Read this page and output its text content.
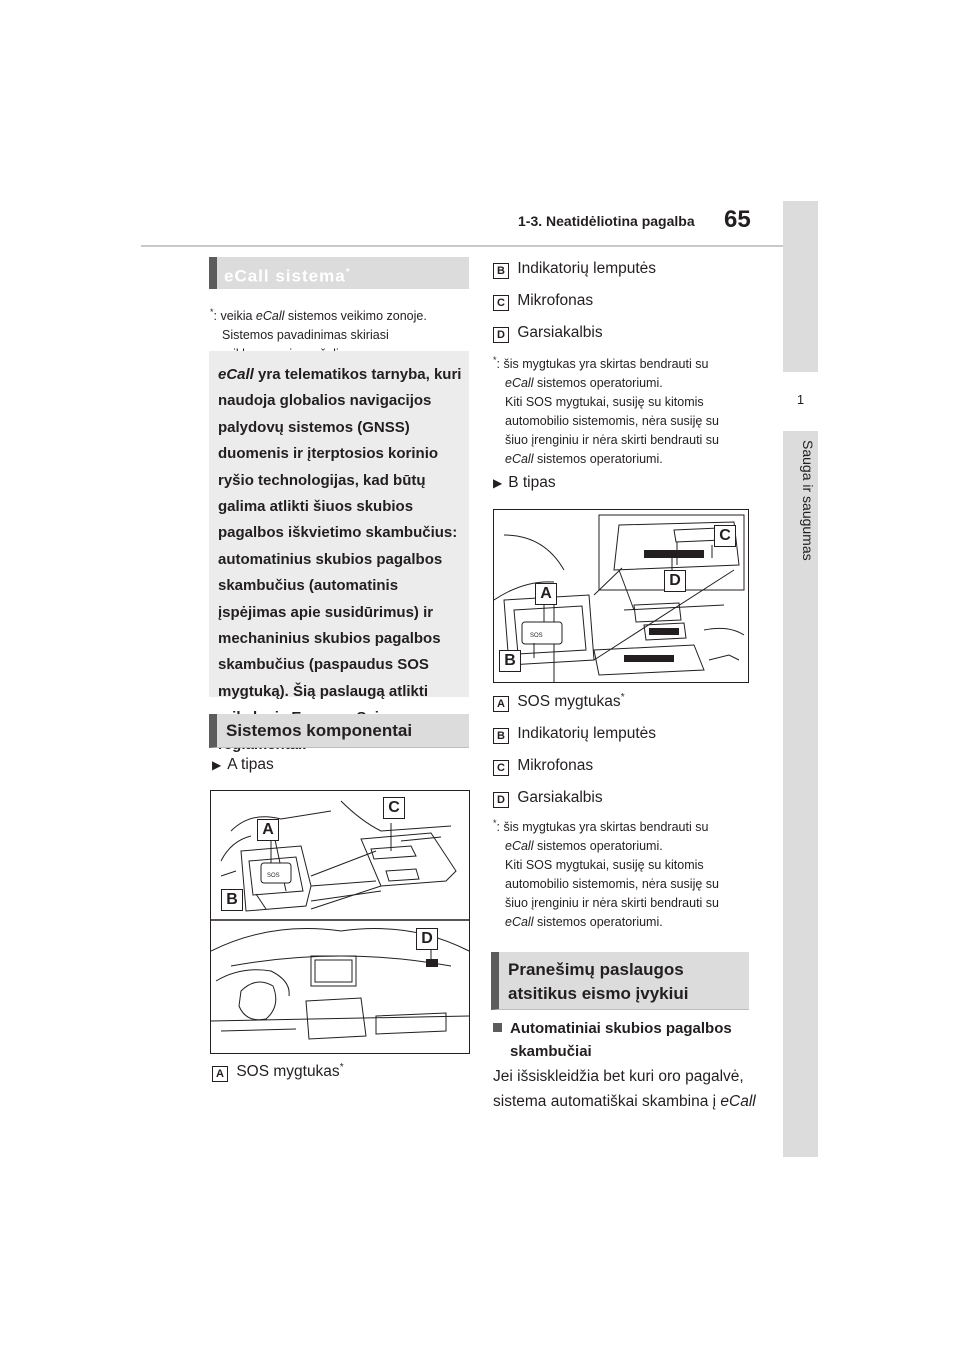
1-3. Neatidėliotina pagalba 65
1
Sauga ir saugumas
eCall sistema*
*: veikia eCall sistemos veikimo zonoje.
Sistemos pavadinimas skiriasi
eCall yra telematikos tarnyba, kuri
naudoja globalios navigacijos
palydovų sistemos (GNSS)
duomenis ir įterptosios korinio
ryšio technologijas, kad būtų
galima atlikti šiuos skubios
pagalbos iškvietimo skambučius:
automatinius skubios pagalbos
skambučius (automatinis
įspėjimas apie susidūrimus) ir
mechaninius skubios pagalbos
skambučius (paspaudus SOS
mygtuką). Šią paslaugą atlikti
Sistemos komponentai
▶ A tipas
SOS
A
B
C
D
A SOS mygtukas*
B Indikatorių lemputės
C Mikrofonas
D Garsiakalbis
*: šis mygtukas yra skirtas bendrauti su
eCall sistemos operatoriumi.
Kiti SOS mygtukai, susiję su kitomis
automobilio sistemomis, nėra susiję su
šiuo įrenginiu ir nėra skirti bendrauti su
eCall sistemos operatoriumi.
▶ B tipas
SOS
C
D
A
B
A SOS mygtukas*
B Indikatorių lemputės
C Mikrofonas
D Garsiakalbis
*: šis mygtukas yra skirtas bendrauti su
eCall sistemos operatoriumi.
Kiti SOS mygtukai, susiję su kitomis
automobilio sistemomis, nėra susiję su
šiuo įrenginiu ir nėra skirti bendrauti su
eCall sistemos operatoriumi.
Pranešimų paslaugos
atsitikus eismo įvykiui
Automatiniai skubios pagalbos
skambučiai
Jei išsiskleidžia bet kuri oro pagalvė,
sistema automatiškai skambina į eCall
